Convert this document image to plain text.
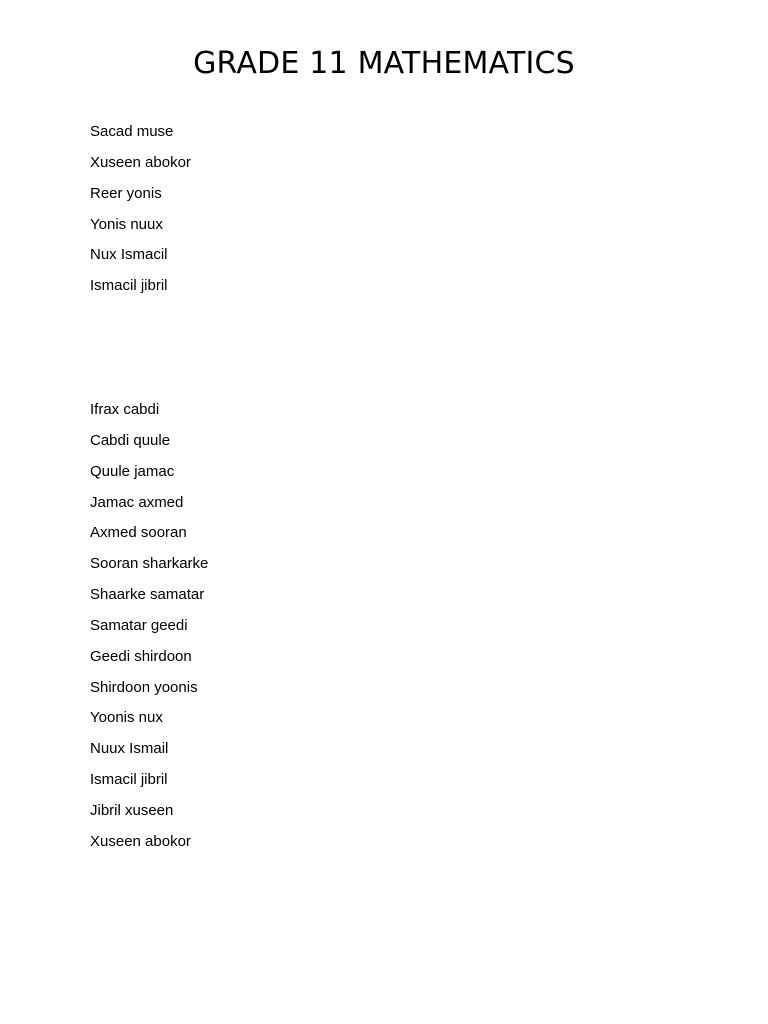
GRADE 11 MATHEMATICS
Sacad muse
Xuseen abokor
Reer yonis
Yonis nuux
Nux Ismacil
Ismacil jibril
Ifrax cabdi
Cabdi quule
Quule jamac
Jamac axmed
Axmed sooran
Sooran sharkarke
Shaarke samatar
Samatar geedi
Geedi shirdoon
Shirdoon yoonis
Yoonis nux
Nuux Ismail
Ismacil jibril
Jibril xuseen
Xuseen abokor
